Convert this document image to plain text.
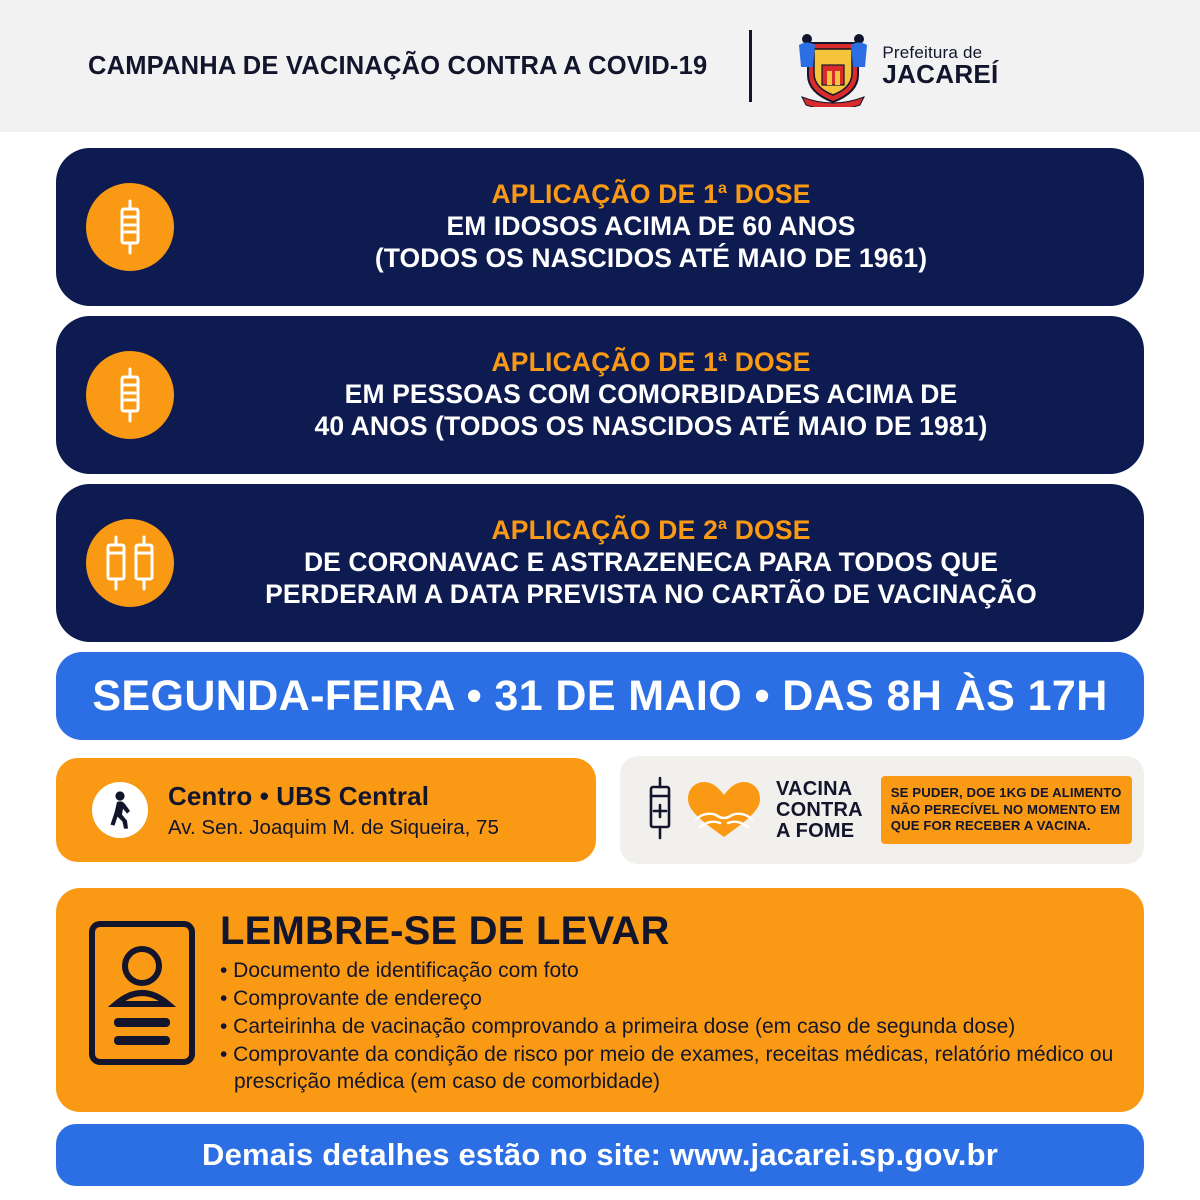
CAMPANHA DE VACINAÇÃO CONTRA A COVID-19	Prefeitura de
JACAREÍ
APLICAÇÃO DE 1$^a$ DOSE
EM IDOSOS ACIMA DE 60 ANOS
(TODOS OS NASCIDOS ATÉ MAIO DE 1961)
APLICAÇÃO DE 1$^a$ DOSE
EM PESSOAS COM COMORBIDADES ACIMA DE
40 ANOS (TODOS OS NASCIDOS ATÉ MAIO DE 1981)
APLICAÇÃO DE 2$^a$ DOSE
DE CORONAVAC E ASTRAZENECA PARA TODOS QUE
PERDERAM A DATA PREVISTA NO CARTÃO DE VACINAÇÃO
SEGUNDA-FEIRA • 31 DE MAIO • DAS 8H ÀS 17H
Centro • UBS Central
Av. Sen. Joaquim M. de Siqueira, 75
VACINA
CONTRA
A FOME
SE PUDER, DOE 1KG DE ALIMENTO
NÃO PERECÍVEL NO MOMENTO EM
QUE FOR RECEBER A VACINA.
LEMBRE-SE DE LEVAR
• Documento de identificação com foto
• Comprovante de endereço
• Carteirinha de vacinação comprovando a primeira dose (em caso de segunda dose)
• Comprovante da condição de risco por meio de exames, receitas médicas, relatório médico ou prescrição médica (em caso de comorbidade)
Demais detalhes estão no site: www.jacarei.sp.gov.br
